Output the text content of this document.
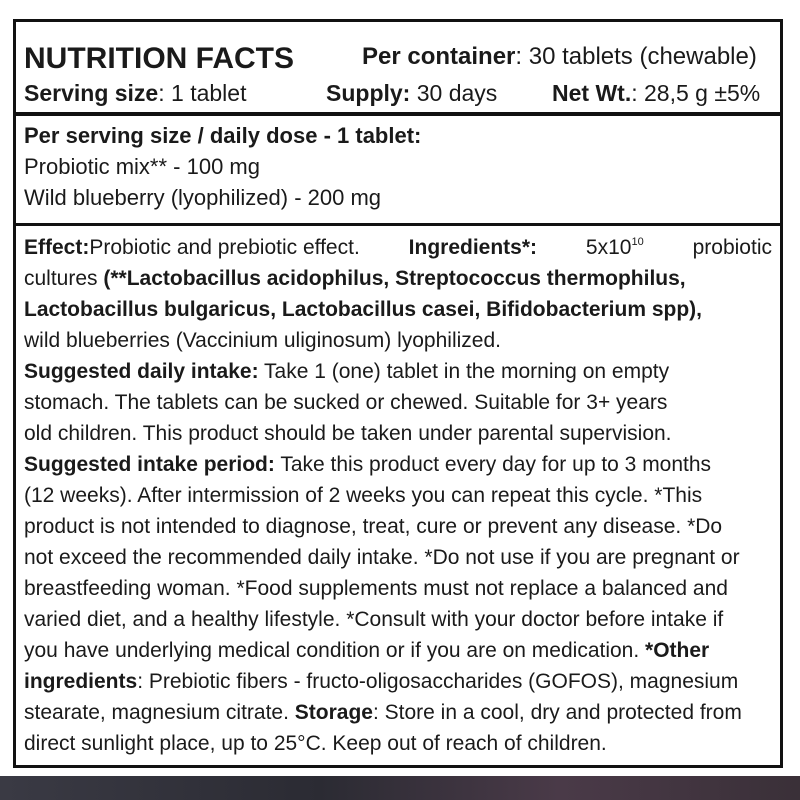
NUTRITION FACTS	Per container: 30 tablets (chewable)
Serving size: 1 tablet	Supply: 30 days Net Wt.: 28,5 g ±5%
Per serving size / daily dose - 1 tablet:
Probiotic mix** - 100 mg
Wild blueberry (lyophilized) - 200 mg
Effect:Probiotic and prebiotic effect. Ingredients*: $5x10^{10}$ probiotic
cultures (**Lactobacillus acidophilus, Streptococcus thermophilus,
Lactobacillus bulgaricus, Lactobacillus casei, Bifidobacterium spp),
wild blueberries (Vaccinium uliginosum) lyophilized.
Suggested daily intake: Take 1 (one) tablet in the morning on empty
stomach. The tablets can be sucked or chewed. Suitable for 3+ years
old children. This product should be taken under parental supervision.
Suggested intake period: Take this product every day for up to 3 months
(12 weeks). After intermission of 2 weeks you can repeat this cycle. *This
product is not intended to diagnose, treat, cure or prevent any disease. *Do
not exceed the recommended daily intake. *Do not use if you are pregnant or
breastfeeding woman. *Food supplements must not replace a balanced and
varied diet, and a healthy lifestyle. *Consult with your doctor before intake if
you have underlying medical condition or if you are on medication. *Other
ingredients: Prebiotic fibers - fructo-oligosaccharides (GOFOS), magnesium
stearate, magnesium citrate. Storage: Store in a cool, dry and protected from
direct sunlight place, up to 25°C. Keep out of reach of children.
